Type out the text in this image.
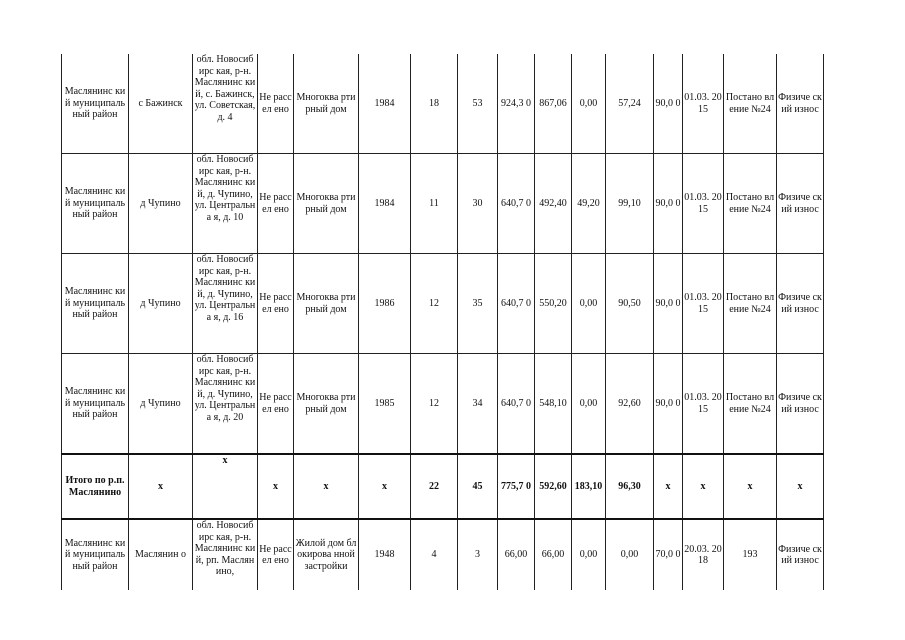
Маслянинс кий муниципаль ный район	с Бажинск	обл. Новосибирс кая, р-н. Маслянинс кий, с. Бажинск, ул. Советская, д. 4	Не рассел ено	Многоква ртирный дом	1984	18	53	924,3 0	867,06	0,00	57,24	90,0 0	01.03. 2015	Постано вление №24	Физиче ский износ
Маслянинс кий муниципаль ный район	д Чупино	обл. Новосибирс кая, р-н. Маслянинс кий, д. Чупино, ул. Центральна я, д. 10	Не рассел ено	Многоква ртирный дом	1984	11	30	640,7 0	492,40	49,20	99,10	90,0 0	01.03. 2015	Постано вление №24	Физиче ский износ
Маслянинс кий муниципаль ный район	д Чупино	обл. Новосибирс кая, р-н. Маслянинс кий, д. Чупино, ул. Центральна я, д. 16	Не рассел ено	Многоква ртирный дом	1986	12	35	640,7 0	550,20	0,00	90,50	90,0 0	01.03. 2015	Постано вление №24	Физиче ский износ
Маслянинс кий муниципаль ный район	д Чупино	обл. Новосибирс кая, р-н. Маслянинс кий, д. Чупино, ул. Центральна я, д. 20	Не рассел ено	Многоква ртирный дом	1985	12	34	640,7 0	548,10	0,00	92,60	90,0 0	01.03. 2015	Постано вление №24	Физиче ский износ
Итого по р.п. Маслянино	х	х	х	х	х	22	45	775,7 0	592,60	183,10	96,30	х	х	х	х
Маслянинс кий муниципаль ный район	Маслянин о	обл. Новосибирс кая, р-н. Маслянинс кий, рп. Маслянино,	Не рассел ено	Жилой дом блокирова нной застройки	1948	4	3	66,00	66,00	0,00	0,00	70,0 0	20.03. 2018	193	Физиче ский износ
